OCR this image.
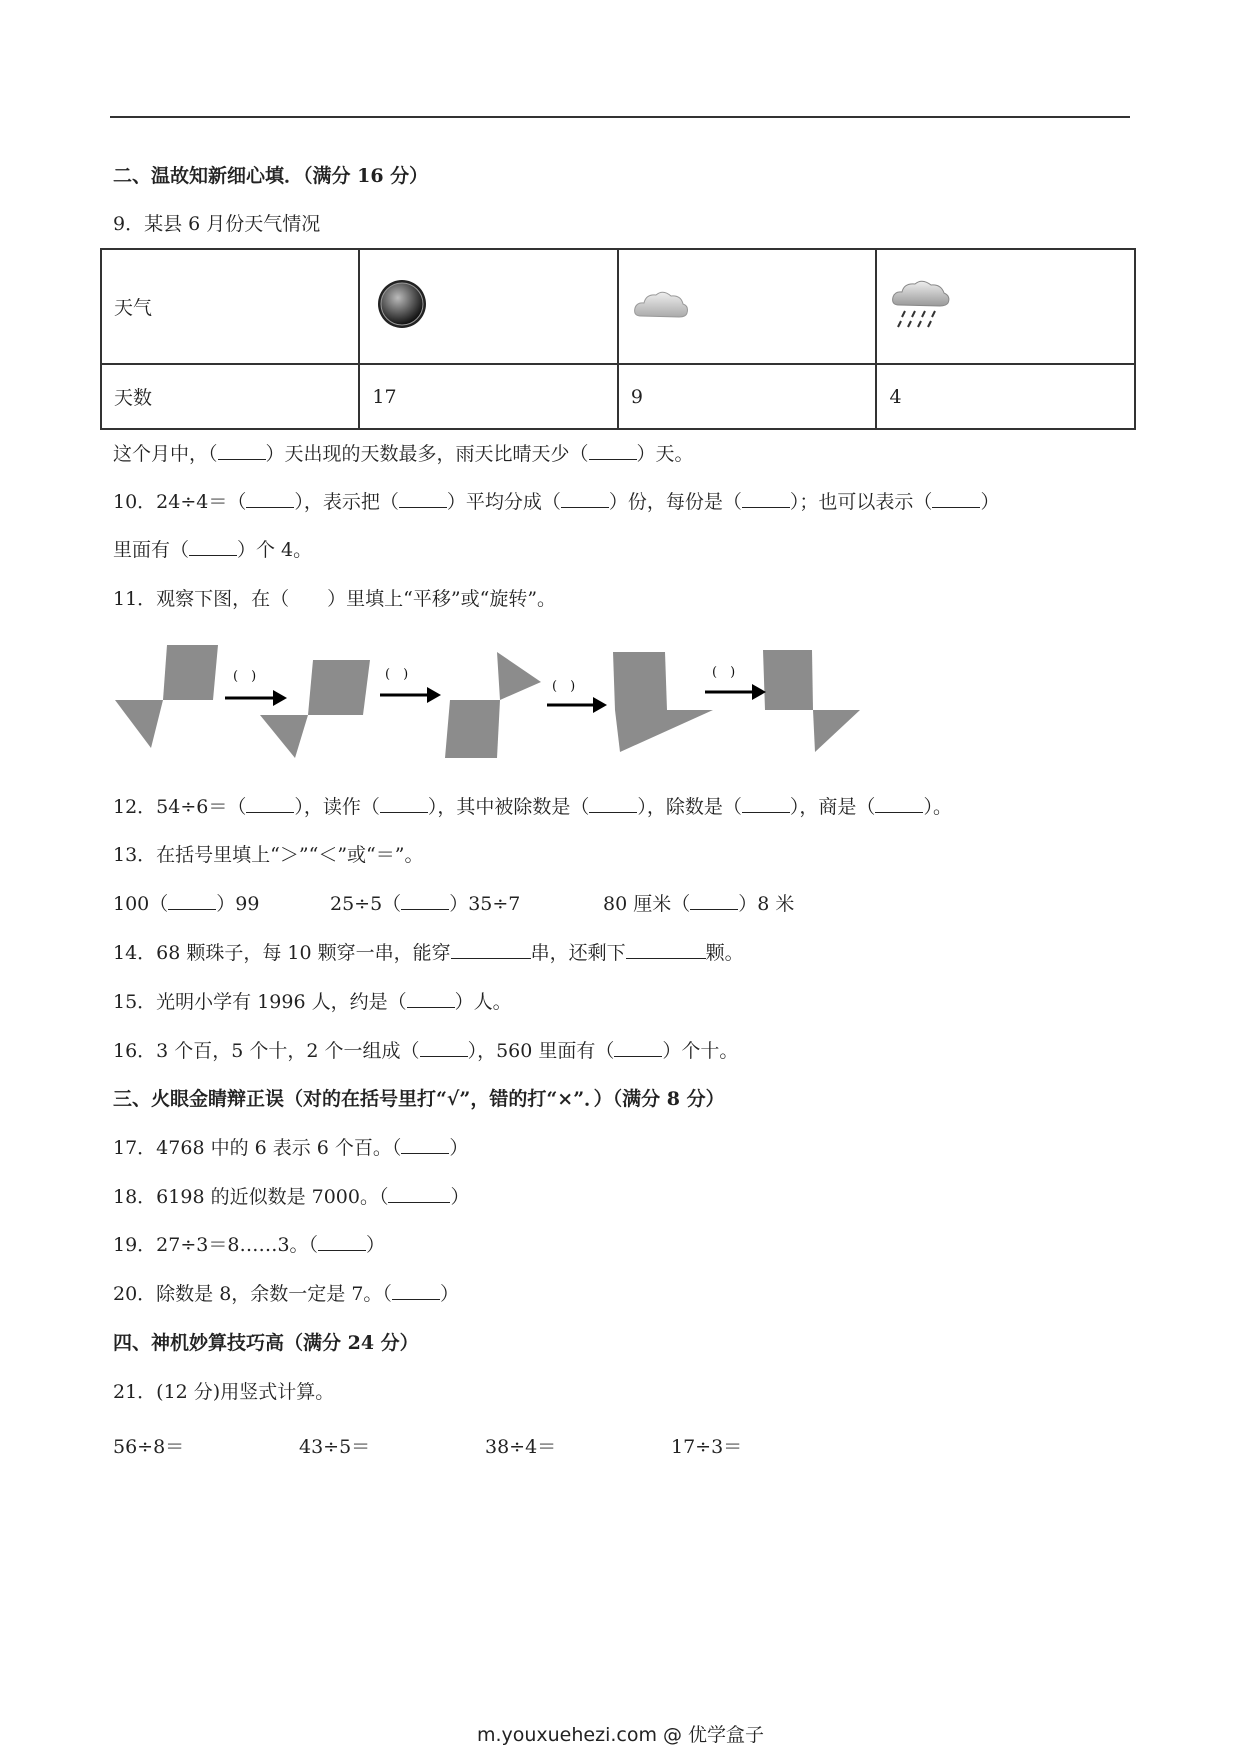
二、温故知新细心填．（满分 16 分）
9．某县 6 月份天气情况
天气			
天数	17	9	4
这个月中，（	）天出现的天数最多，雨天比晴天少（	）天。
10．24÷4＝（	），表示把（	）平均分成（	）份，每份是（	）；也可以表示（	）
里面有（	）个 4。
11．观察下图，在（　　）里填上“平移”或“旋转”。
(　)	(　)
(　)
(　)
12．54÷6＝（	），读作（	），其中被除数是（	），除数是（	），商是（	）。
13．在括号里填上“＞”“＜”或“＝”。
100（	）99	25÷5（	）35÷7	80 厘米（	）8 米
14．68 颗珠子，每 10 颗穿一串，能穿	串，还剩下	颗。
15．光明小学有 1996 人，约是（	）人。
16．3 个百，5 个十，2 个一组成（	），560 里面有（	）个十。
三、火眼金睛辩正误（对的在括号里打“√”，错的打“×”．）（满分 8 分）
17．4768 中的 6 表示 6 个百。（	）
18．6198 的近似数是 7000。（	）
19．27÷3＝8……3。（	）
20．除数是 8，余数一定是 7。（	）
四、神机妙算技巧高（满分 24 分）
21．(12 分)用竖式计算。
56÷8＝	43÷5＝	38÷4＝	17÷3＝
m.youxuehezi.com @ 优学盒子
